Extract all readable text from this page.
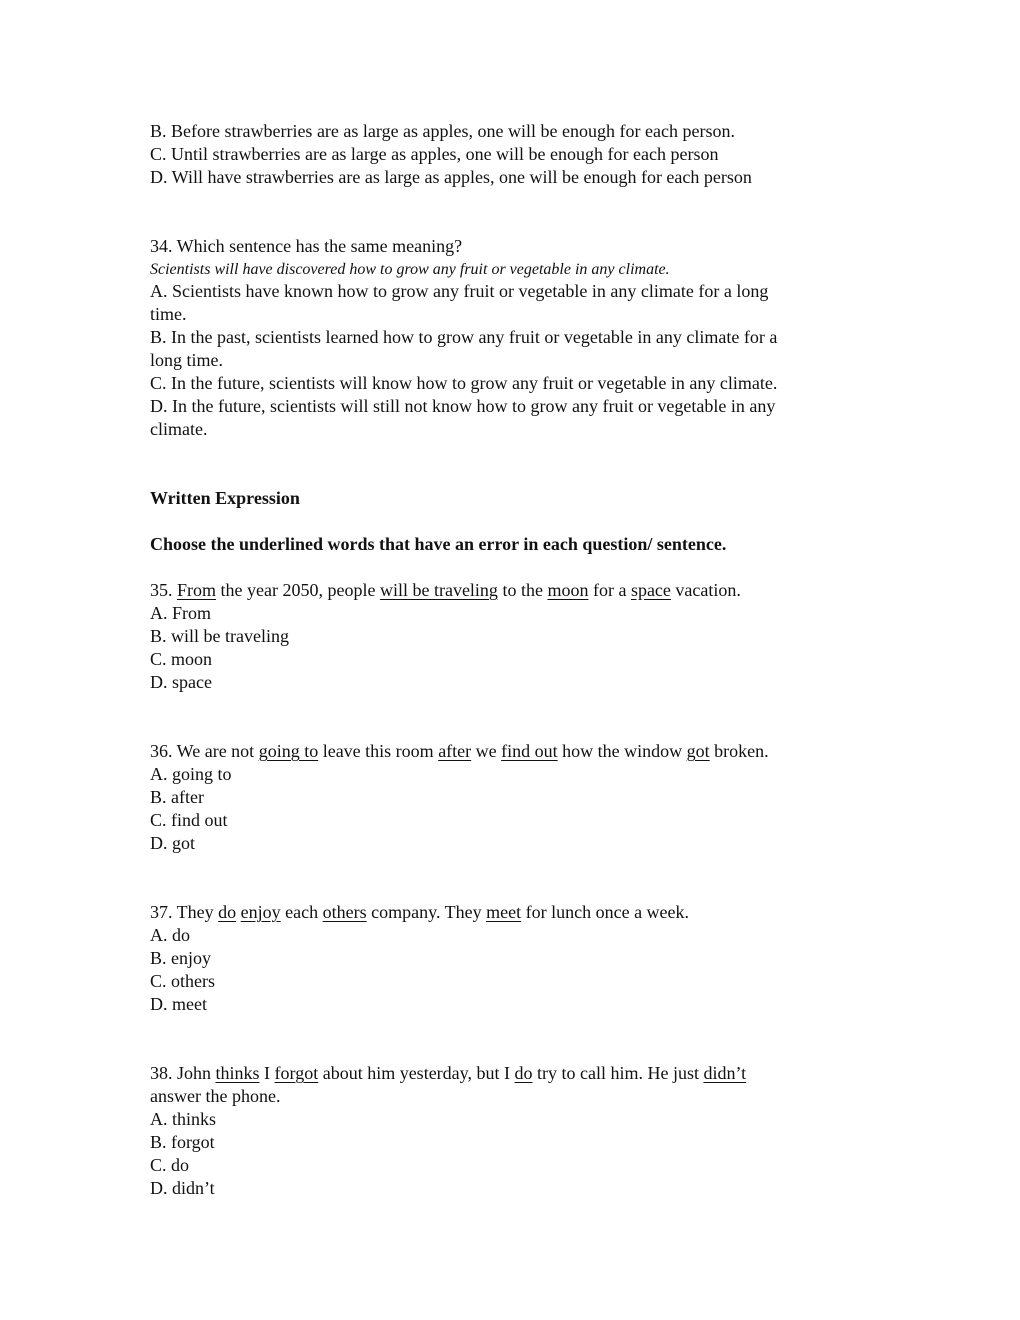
B. Before strawberries are as large as apples, one will be enough for each person.
C. Until strawberries are as large as apples, one will be enough for each person
D. Will have strawberries are as large as apples, one will be enough for each person
34. Which sentence has the same meaning?
Scientists will have discovered how to grow any fruit or vegetable in any climate.
A. Scientists have known how to grow any fruit or vegetable in any climate for a long
time.
B. In the past, scientists learned how to grow any fruit or vegetable in any climate for a
long time.
C. In the future, scientists will know how to grow any fruit or vegetable in any climate.
D. In the future, scientists will still not know how to grow any fruit or vegetable in any
climate.
Written Expression
Choose the underlined words that have an error in each question/ sentence.
35. From the year 2050, people will be traveling to the moon for a space vacation.
A. From
B. will be traveling
C. moon
D. space
36. We are not going to leave this room after we find out how the window got broken.
A. going to
B. after
C. find out
D. got
37. They do enjoy each others company. They meet for lunch once a week.
A. do
B. enjoy
C. others
D. meet
38. John thinks I forgot about him yesterday, but I do try to call him. He just didn’t
answer the phone.
A. thinks
B. forgot
C. do
D. didn’t
